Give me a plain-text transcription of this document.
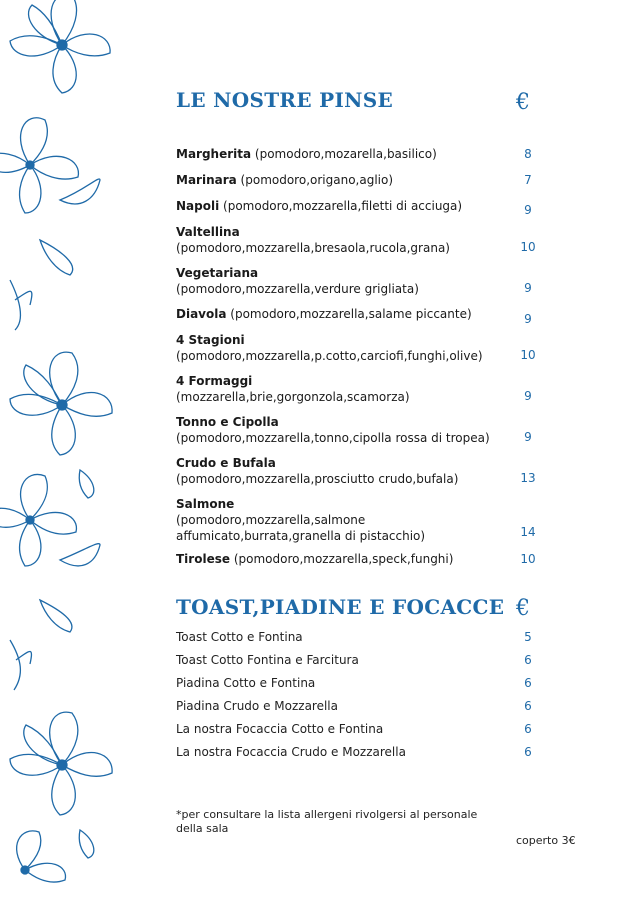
LE NOSTRE PINSE	€
Margherita (pomodoro,mozarella,basilico)	8
Marinara (pomodoro,origano,aglio)	7
Napoli (pomodoro,mozzarella,filetti di acciuga)	9
Valtellina
(pomodoro,mozzarella,bresaola,rucola,grana)	10
Vegetariana
(pomodoro,mozzarella,verdure grigliata)	9
Diavola (pomodoro,mozzarella,salame piccante)	9
4 Stagioni
(pomodoro,mozzarella,p.cotto,carciofi,funghi,olive)	10
4 Formaggi
(mozzarella,brie,gorgonzola,scamorza)	9
Tonno e Cipolla
(pomodoro,mozzarella,tonno,cipolla rossa di tropea)	9
Crudo e Bufala
(pomodoro,mozzarella,prosciutto crudo,bufala)	13
Salmone
(pomodoro,mozzarella,salmone affumicato,burrata,granella di pistacchio)	14
Tirolese (pomodoro,mozzarella,speck,funghi)	10
TOAST,PIADINE E FOCACCE €
Toast Cotto e Fontina	5
Toast Cotto Fontina e Farcitura	6
Piadina Cotto e Fontina	6
Piadina Crudo e Mozzarella	6
La nostra Focaccia Cotto e Fontina	6
La nostra Focaccia Crudo e Mozzarella	6
*per consultare la lista allergeni rivolgersi al personale della sala
coperto 3€
